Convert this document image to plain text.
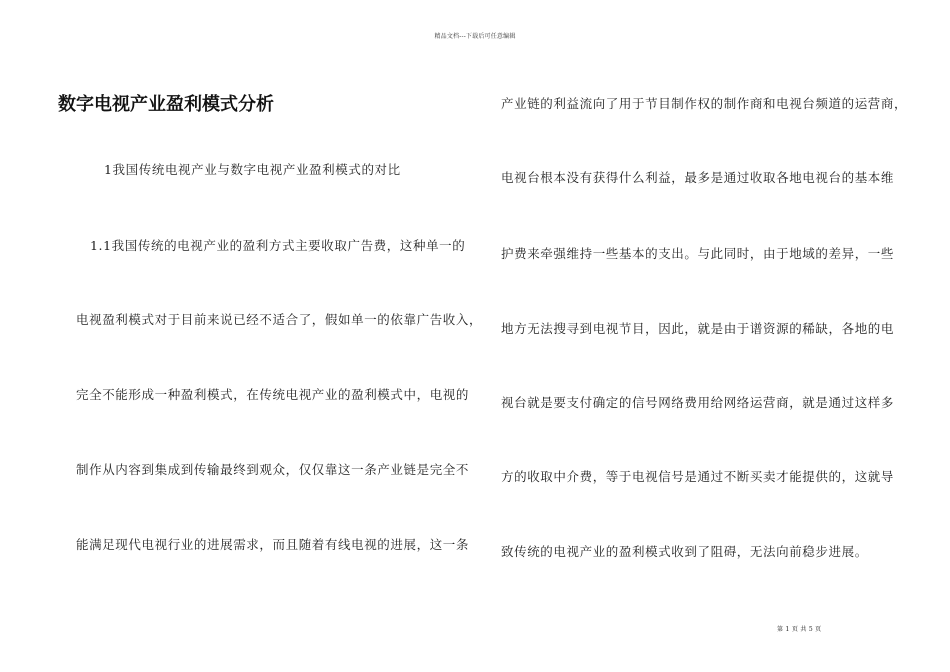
精品文档---下载后可任意编辑
数字电视产业盈利模式分析
1我国传统电视产业与数字电视产业盈利模式的对比
1.1我国传统的电视产业的盈利方式主要收取广告费，这种单一的
电视盈利模式对于目前来说已经不适合了，假如单一的依靠广告收入，
完全不能形成一种盈利模式，在传统电视产业的盈利模式中，电视的
制作从内容到集成到传输最终到观众，仅仅靠这一条产业链是完全不
能满足现代电视行业的进展需求，而且随着有线电视的进展，这一条
产业链的利益流向了用于节目制作权的制作商和电视台频道的运营商，
电视台根本没有获得什么利益，最多是通过收取各地电视台的基本维
护费来牵强维持一些基本的支出。与此同时，由于地域的差异，一些
地方无法搜寻到电视节目，因此，就是由于谱资源的稀缺，各地的电
视台就是要支付确定的信号网络费用给网络运营商，就是通过这样多
方的收取中介费，等于电视信号是通过不断买卖才能提供的，这就导
致传统的电视产业的盈利模式收到了阻碍，无法向前稳步进展。
第 1 页 共 5 页
